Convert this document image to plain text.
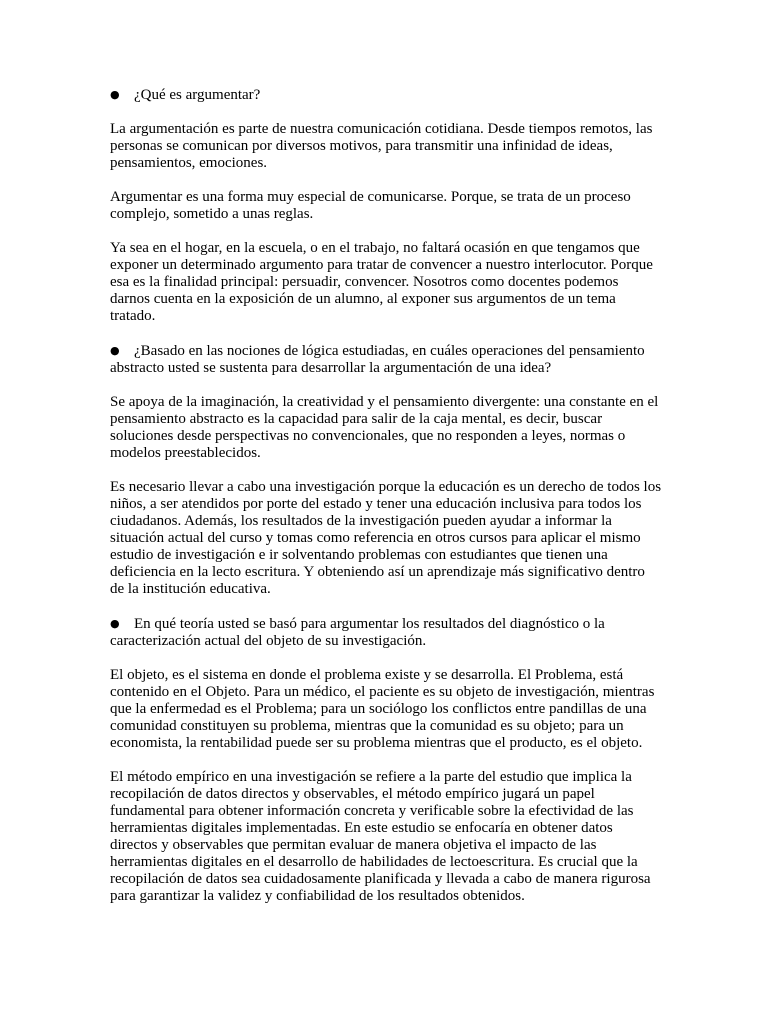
● ¿Qué es argumentar?

La argumentación es parte de nuestra comunicación cotidiana. Desde tiempos remotos, las personas se comunican por diversos motivos, para transmitir una infinidad de ideas, pensamientos, emociones.

Argumentar es una forma muy especial de comunicarse. Porque, se trata de un proceso complejo, sometido a unas reglas.

Ya sea en el hogar, en la escuela, o en el trabajo, no faltará ocasión en que tengamos que exponer un determinado argumento para tratar de convencer a nuestro interlocutor. Porque esa es la finalidad principal: persuadir, convencer. Nosotros como docentes podemos darnos cuenta en la exposición de un alumno, al exponer sus argumentos de un tema tratado.

● ¿Basado en las nociones de lógica estudiadas, en cuáles operaciones del pensamiento abstracto usted se sustenta para desarrollar la argumentación de una idea?

Se apoya de la imaginación, la creatividad y el pensamiento divergente: una constante en el pensamiento abstracto es la capacidad para salir de la caja mental, es decir, buscar soluciones desde perspectivas no convencionales, que no responden a leyes, normas o modelos preestablecidos.

Es necesario llevar a cabo una investigación porque la educación es un derecho de todos los niños, a ser atendidos por porte del estado y tener una educación inclusiva para todos los ciudadanos. Además, los resultados de la investigación pueden ayudar a informar la situación actual del curso y tomas como referencia en otros cursos para aplicar el mismo estudio de investigación e ir solventando problemas con estudiantes que tienen una deficiencia en la lecto escritura. Y obteniendo así un aprendizaje más significativo dentro de la institución educativa.

● En qué teoría usted se basó para argumentar los resultados del diagnóstico o la caracterización actual del objeto de su investigación.

El objeto, es el sistema en donde el problema existe y se desarrolla. El Problema, está contenido en el Objeto. Para un médico, el paciente es su objeto de investigación, mientras que la enfermedad es el Problema; para un sociólogo los conflictos entre pandillas de una comunidad constituyen su problema, mientras que la comunidad es su objeto; para un economista, la rentabilidad puede ser su problema mientras que el producto, es el objeto.

El método empírico en una investigación se refiere a la parte del estudio que implica la recopilación de datos directos y observables, el método empírico jugará un papel fundamental para obtener información concreta y verificable sobre la efectividad de las herramientas digitales implementadas. En este estudio se enfocaría en obtener datos directos y observables que permitan evaluar de manera objetiva el impacto de las herramientas digitales en el desarrollo de habilidades de lectoescritura. Es crucial que la recopilación de datos sea cuidadosamente planificada y llevada a cabo de manera rigurosa para garantizar la validez y confiabilidad de los resultados obtenidos.
